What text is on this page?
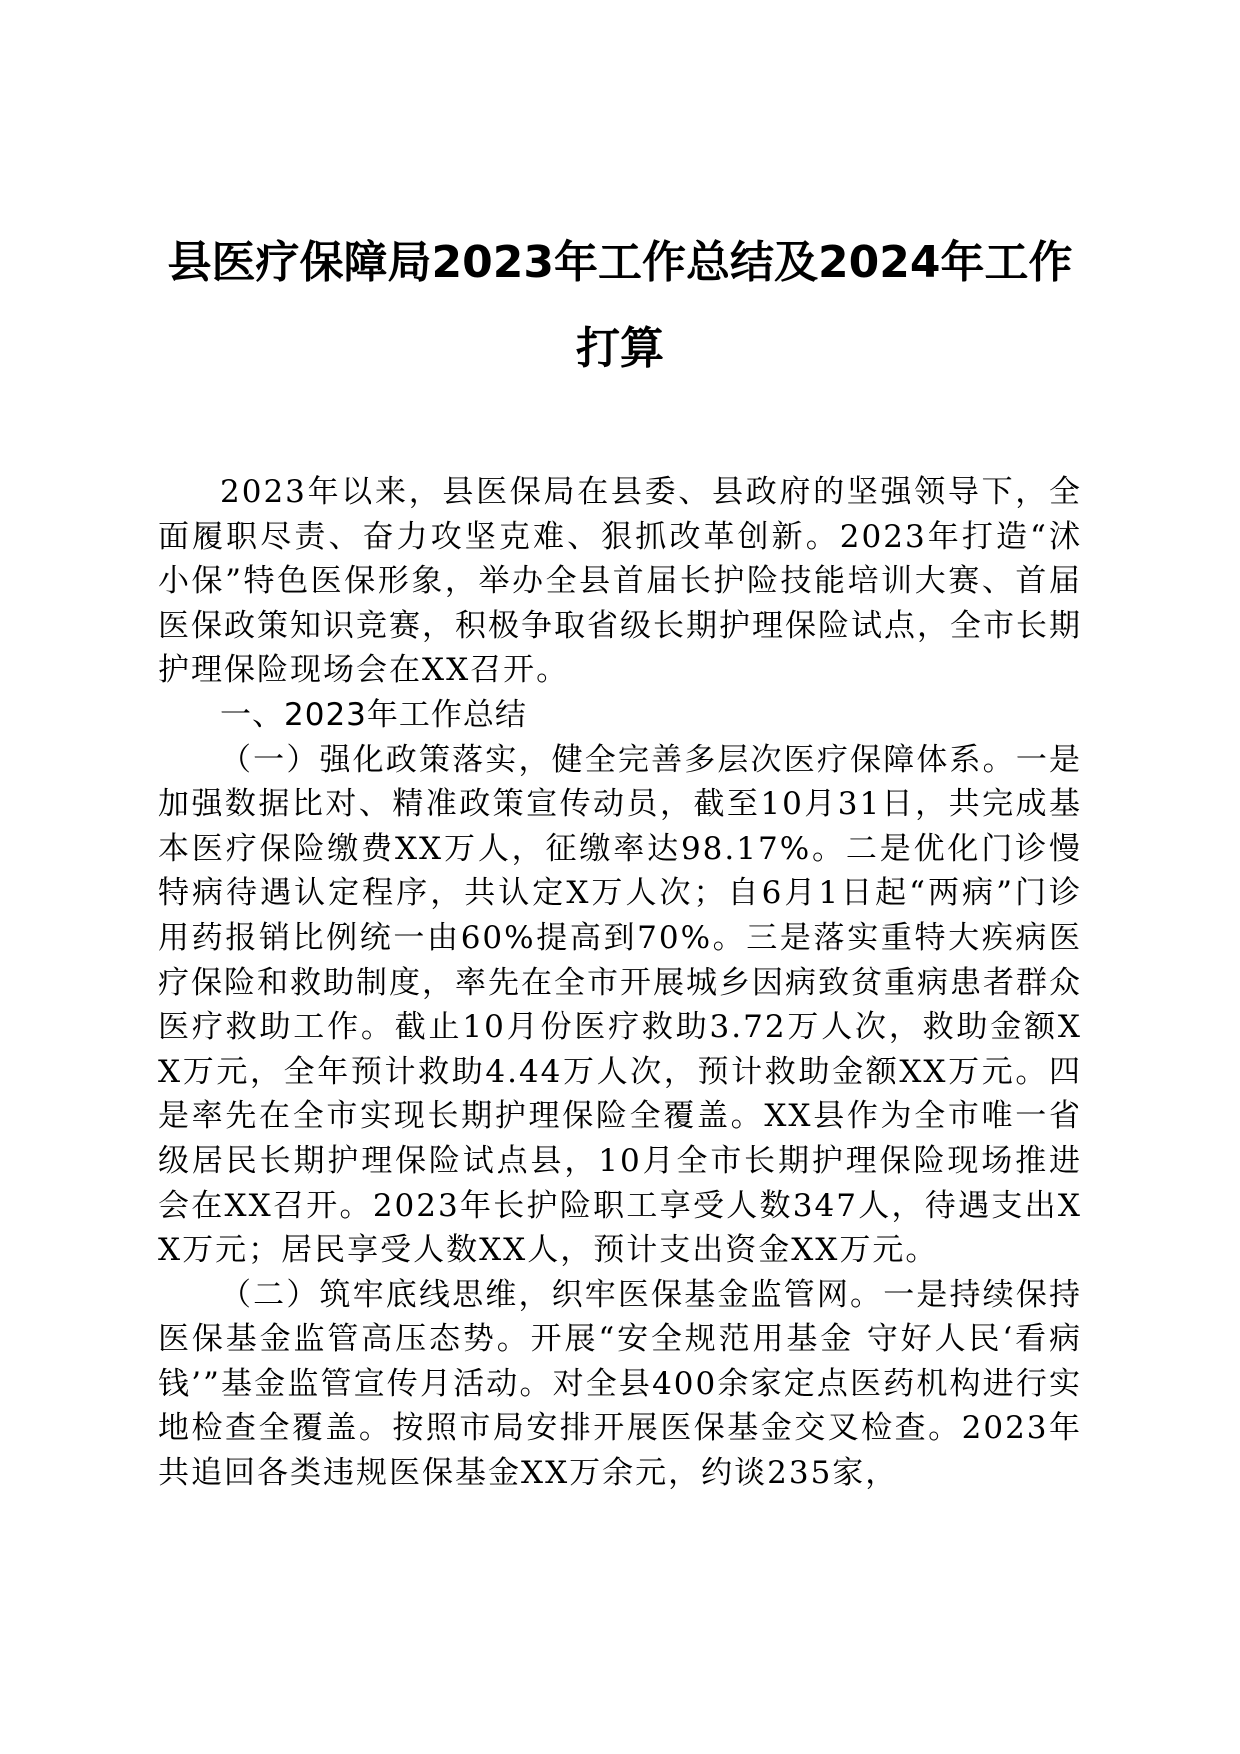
县医疗保障局2023年工作总结及2024年工作
打算

2023年以来，县医保局在县委、县政府的坚强领导下，全面履职尽责、奋力攻坚克难、狠抓改革创新。2023年打造“沭小保”特色医保形象，举办全县首届长护险技能培训大赛、首届医保政策知识竞赛，积极争取省级长期护理保险试点，全市长期护理保险现场会在XX召开。

一、2023年工作总结

（一）强化政策落实，健全完善多层次医疗保障体系。一是加强数据比对、精准政策宣传动员，截至10月31日，共完成基本医疗保险缴费XX万人，征缴率达98.17%。二是优化门诊慢特病待遇认定程序，共认定X万人次；自6月1日起“两病”门诊用药报销比例统一由60%提高到70%。三是落实重特大疾病医疗保险和救助制度，率先在全市开展城乡因病致贫重病患者群众医疗救助工作。截止10月份医疗救助3.72万人次，救助金额XX万元，全年预计救助4.44万人次，预计救助金额XX万元。四是率先在全市实现长期护理保险全覆盖。XX县作为全市唯一省级居民长期护理保险试点县，10月全市长期护理保险现场推进会在XX召开。2023年长护险职工享受人数347人，待遇支出XX万元；居民享受人数XX人，预计支出资金XX万元。

（二）筑牢底线思维，织牢医保基金监管网。一是持续保持医保基金监管高压态势。开展“安全规范用基金 守好人民‘看病钱’”基金监管宣传月活动。对全县400余家定点医药机构进行实地检查全覆盖。按照市局安排开展医保基金交叉检查。2023年共追回各类违规医保基金XX万余元，约谈235家，
